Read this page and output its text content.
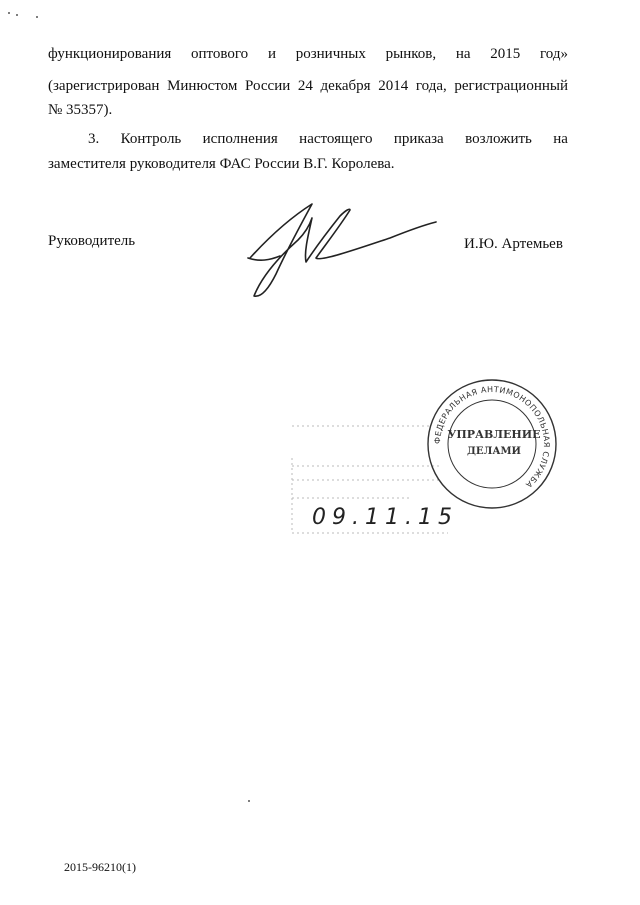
функционирования оптового и розничных рынков, на 2015 год»
(зарегистрирован Минюстом России 24 декабря 2014 года, регистрационный
№ 35357).
3. Контроль исполнения настоящего приказа возложить на
заместителя руководителя ФАС России В.Г. Королева.
Руководитель	И.Ю. Артемьев
ФЕДЕРАЛЬНАЯ АНТИМОНОПОЛЬНАЯ СЛУЖБА
УПРАВЛЕНИЕ
ДЕЛАМИ
09.11.15
2015-96210(1)
